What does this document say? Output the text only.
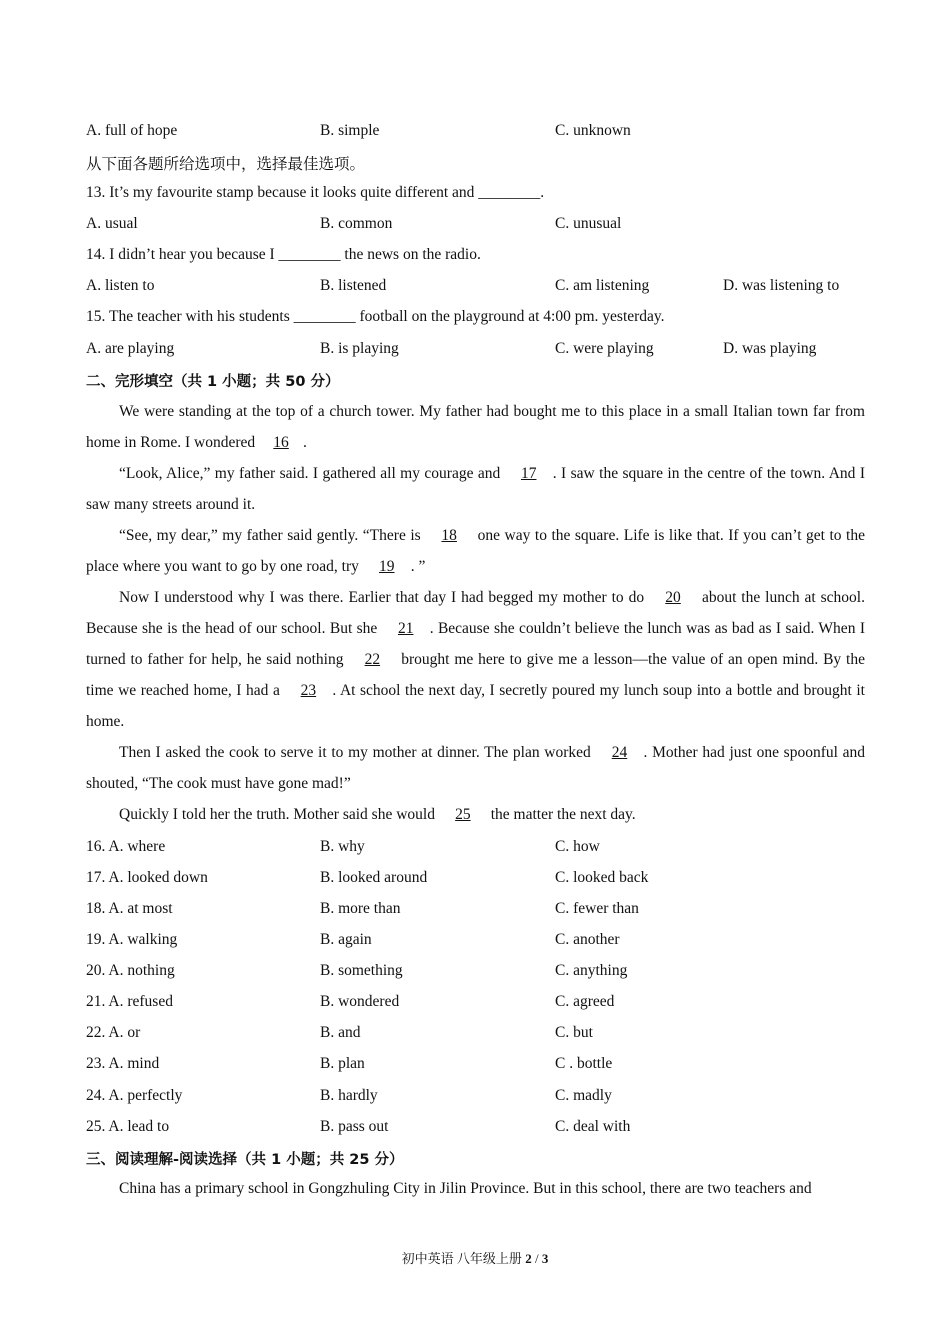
A. full of hope	B. simple	C. unknown
从下面各题所给选项中，选择最佳选项。
13. It’s my favourite stamp because it looks quite different and ________.
A. usual	B. common	C. unusual
14. I didn’t hear you because I ________ the news on the radio.
A. listen to	B. listened	C. am listening	D. was listening to
15. The teacher with his students ________ football on the playground at 4:00 pm. yesterday.
A. are playing	B. is playing	C. were playing	D. was playing
二、完形填空（共 1 小题；共 50 分）
We were standing at the top of a church tower. My father had bought me to this place in a small Italian town far from home in Rome. I wondered 16 .
“Look, Alice,” my father said. I gathered all my courage and 17 . I saw the square in the centre of the town. And I saw many streets around it.
“See, my dear,” my father said gently. “There is 18 one way to the square. Life is like that. If you can’t get to the place where you want to go by one road, try 19 . ”
Now I understood why I was there. Earlier that day I had begged my mother to do 20 about the lunch at school. Because she is the head of our school. But she 21 . Because she couldn’t believe the lunch was as bad as I said. When I turned to father for help, he said nothing 22 brought me here to give me a lesson—the value of an open mind. By the time we reached home, I had a 23 . At school the next day, I secretly poured my lunch soup into a bottle and brought it home.
Then I asked the cook to serve it to my mother at dinner. The plan worked 24 . Mother had just one spoonful and shouted, “The cook must have gone mad!”
Quickly I told her the truth. Mother said she would 25 the matter the next day.
16. A. where	B. why	C. how
17. A. looked down	B. looked around	C. looked back
18. A. at most	B. more than	C. fewer than
19. A. walking	B. again	C. another
20. A. nothing	B. something	C. anything
21. A. refused	B. wondered	C. agreed
22. A. or	B. and	C. but
23. A. mind	B. plan	C . bottle
24. A. perfectly	B. hardly	C. madly
25. A. lead to	B. pass out	C. deal with
三、阅读理解-阅读选择（共 1 小题；共 25 分）
China has a primary school in Gongzhuling City in Jilin Province. But in this school, there are two teachers and
初中英语 八年级上册 2 / 3
